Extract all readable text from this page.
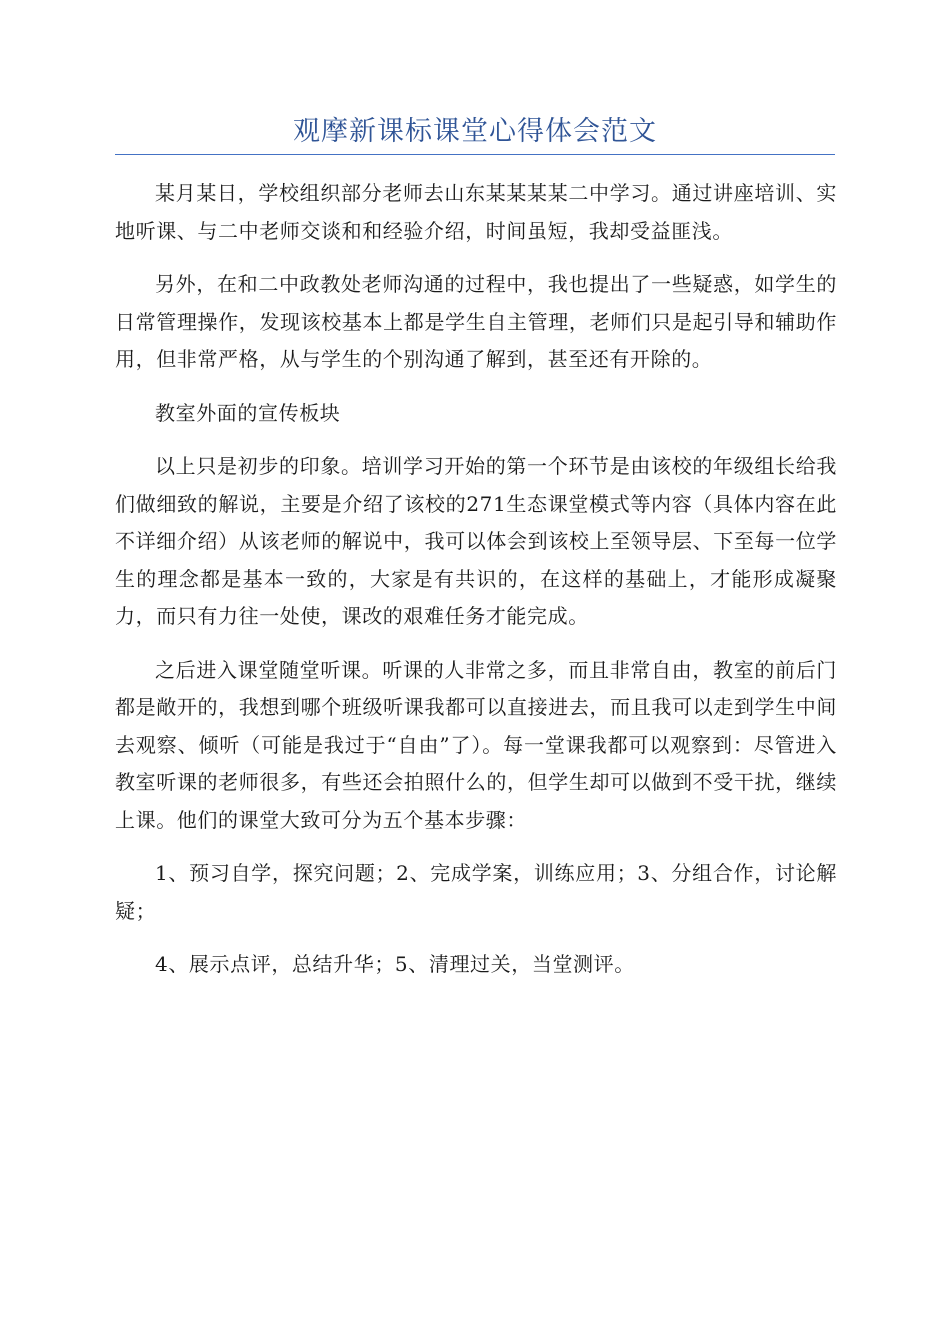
观摩新课标课堂心得体会范文

某月某日，学校组织部分老师去山东某某某某二中学习。通过讲座培训、实地听课、与二中老师交谈和和经验介绍，时间虽短，我却受益匪浅。

另外，在和二中政教处老师沟通的过程中，我也提出了一些疑惑，如学生的日常管理操作，发现该校基本上都是学生自主管理，老师们只是起引导和辅助作用，但非常严格，从与学生的个别沟通了解到，甚至还有开除的。

教室外面的宣传板块

以上只是初步的印象。培训学习开始的第一个环节是由该校的年级组长给我们做细致的解说，主要是介绍了该校的271生态课堂模式等内容（具体内容在此不详细介绍）从该老师的解说中，我可以体会到该校上至领导层、下至每一位学生的理念都是基本一致的，大家是有共识的，在这样的基础上，才能形成凝聚力，而只有力往一处使，课改的艰难任务才能完成。

之后进入课堂随堂听课。听课的人非常之多，而且非常自由，教室的前后门都是敞开的，我想到哪个班级听课我都可以直接进去，而且我可以走到学生中间去观察、倾听（可能是我过于“自由”了）。每一堂课我都可以观察到：尽管进入教室听课的老师很多，有些还会拍照什么的，但学生却可以做到不受干扰，继续上课。他们的课堂大致可分为五个基本步骤：

1、预习自学，探究问题；2、完成学案，训练应用；3、分组合作，讨论解疑；

4、展示点评，总结升华；5、清理过关，当堂测评。
